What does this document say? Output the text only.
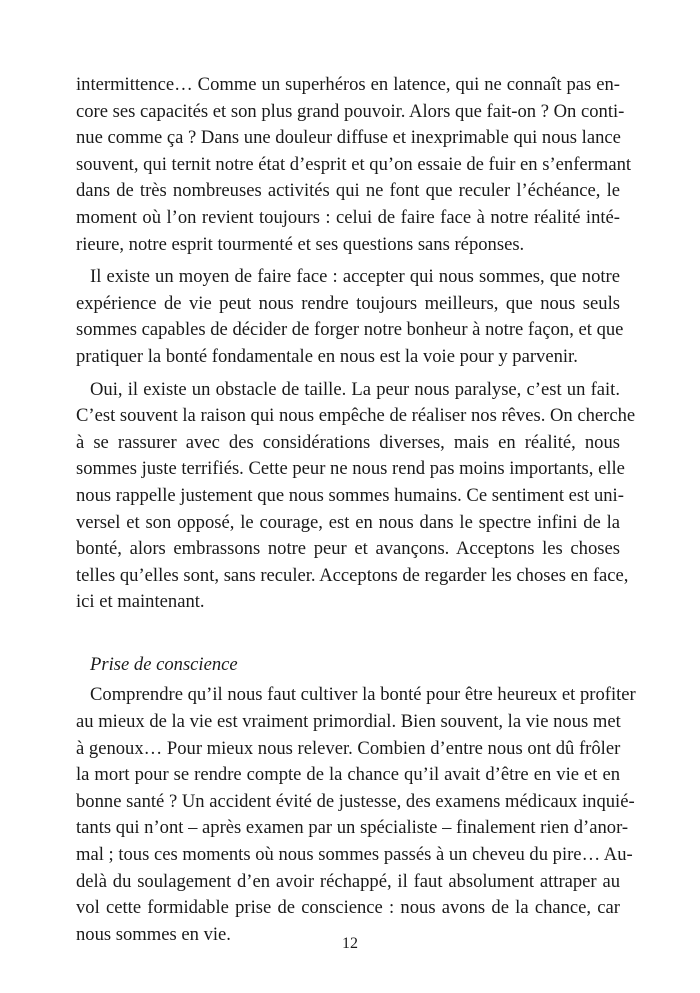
intermittence… Comme un superhéros en latence, qui ne connaît pas en-
core ses capacités et son plus grand pouvoir. Alors que fait-on ? On conti-
nue comme ça ? Dans une douleur diffuse et inexprimable qui nous lance
souvent, qui ternit notre état d’esprit et qu’on essaie de fuir en s’enfermant
dans de très nombreuses activités qui ne font que reculer l’échéance, le
moment où l’on revient toujours : celui de faire face à notre réalité inté-
rieure, notre esprit tourmenté et ses questions sans réponses.
Il existe un moyen de faire face : accepter qui nous sommes, que notre
expérience de vie peut nous rendre toujours meilleurs, que nous seuls
sommes capables de décider de forger notre bonheur à notre façon, et que
pratiquer la bonté fondamentale en nous est la voie pour y parvenir.
Oui, il existe un obstacle de taille. La peur nous paralyse, c’est un fait.
C’est souvent la raison qui nous empêche de réaliser nos rêves. On cherche
à se rassurer avec des considérations diverses, mais en réalité, nous
sommes juste terrifiés. Cette peur ne nous rend pas moins importants, elle
nous rappelle justement que nous sommes humains. Ce sentiment est uni-
versel et son opposé, le courage, est en nous dans le spectre infini de la
bonté, alors embrassons notre peur et avançons. Acceptons les choses
telles qu’elles sont, sans reculer. Acceptons de regarder les choses en face,
ici et maintenant.
Prise de conscience
Comprendre qu’il nous faut cultiver la bonté pour être heureux et profiter
au mieux de la vie est vraiment primordial. Bien souvent, la vie nous met
à genoux… Pour mieux nous relever. Combien d’entre nous ont dû frôler
la mort pour se rendre compte de la chance qu’il avait d’être en vie et en
bonne santé ? Un accident évité de justesse, des examens médicaux inquié-
tants qui n’ont – après examen par un spécialiste – finalement rien d’anor-
mal ; tous ces moments où nous sommes passés à un cheveu du pire… Au-
delà du soulagement d’en avoir réchappé, il faut absolument attraper au
vol cette formidable prise de conscience : nous avons de la chance, car
nous sommes en vie.	12
